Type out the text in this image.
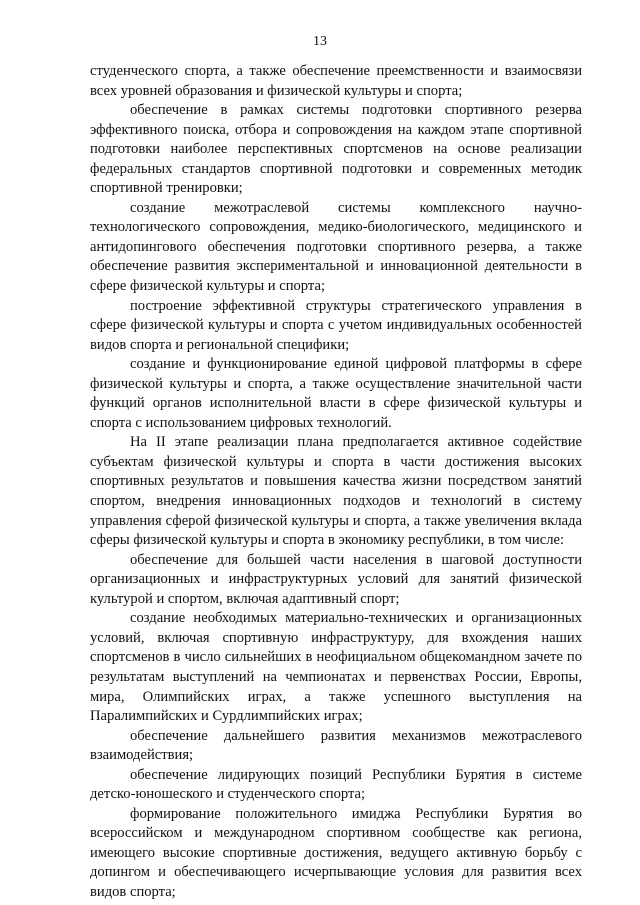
13

студенческого спорта, а также обеспечение преемственности и взаимосвязи всех уровней образования и физической культуры и спорта;

обеспечение в рамках системы подготовки спортивного резерва эффективного поиска, отбора и сопровождения на каждом этапе спортивной подготовки наиболее перспективных спортсменов на основе реализации федеральных стандартов спортивной подготовки и современных методик спортивной тренировки;

создание межотраслевой системы комплексного научно-технологического сопровождения, медико-биологического, медицинского и антидопингового обеспечения подготовки спортивного резерва, а также обеспечение развития экспериментальной и инновационной деятельности в сфере физической культуры и спорта;

построение эффективной структуры стратегического управления в сфере физической культуры и спорта с учетом индивидуальных особенностей видов спорта и региональной специфики;

создание и функционирование единой цифровой платформы в сфере физической культуры и спорта, а также осуществление значительной части функций органов исполнительной власти в сфере физической культуры и спорта с использованием цифровых технологий.

На II этапе реализации плана предполагается активное содействие субъектам физической культуры и спорта в части достижения высоких спортивных результатов и повышения качества жизни посредством занятий спортом, внедрения инновационных подходов и технологий в систему управления сферой физической культуры и спорта, а также увеличения вклада сферы физической культуры и спорта в экономику республики, в том числе:

обеспечение для большей части населения в шаговой доступности организационных и инфраструктурных условий для занятий физической культурой и спортом, включая адаптивный спорт;

создание необходимых материально-технических и организационных условий, включая спортивную инфраструктуру, для вхождения наших спортсменов в число сильнейших в неофициальном общекомандном зачете по результатам выступлений на чемпионатах и первенствах России, Европы, мира, Олимпийских играх, а также успешного выступления на Паралимпийских и Сурдлимпийских играх;

обеспечение дальнейшего развития механизмов межотраслевого взаимодействия;

обеспечение лидирующих позиций Республики Бурятия в системе детско-юношеского и студенческого спорта;

формирование положительного имиджа Республики Бурятия во всероссийском и международном спортивном сообществе как региона, имеющего высокие спортивные достижения, ведущего активную борьбу с допингом и обеспечивающего исчерпывающие условия для развития всех видов спорта;
